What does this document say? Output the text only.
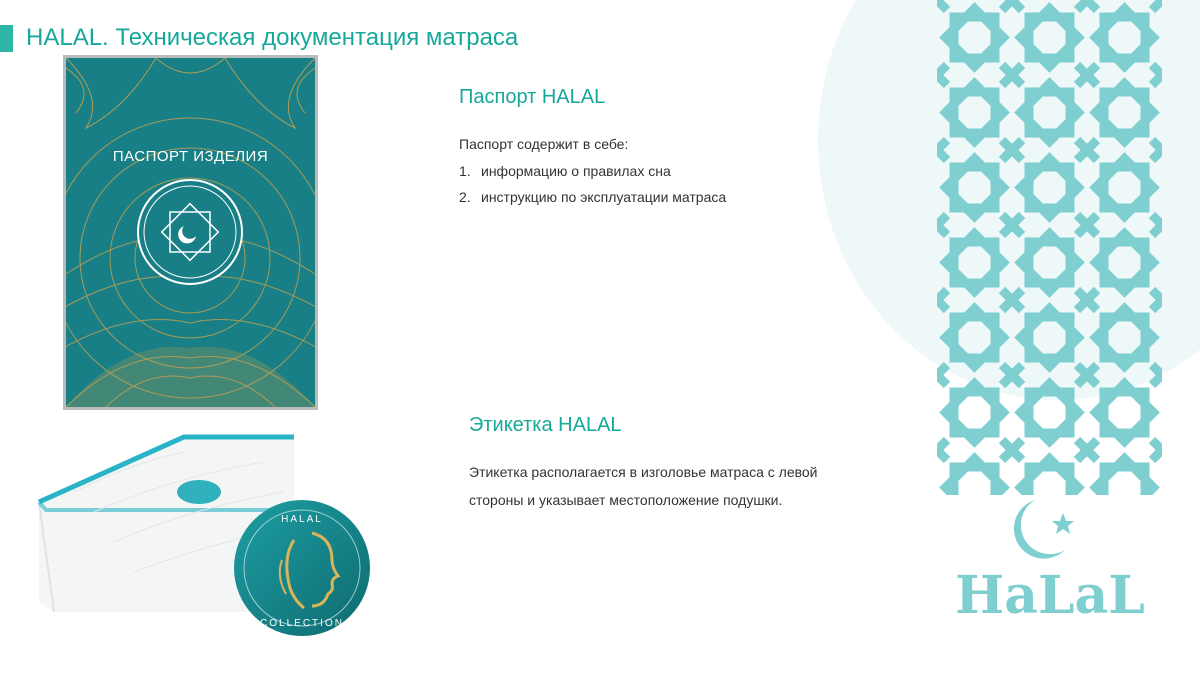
HALAL. Техническая документация матраса
ПАСПОРТ ИЗДЕЛИЯ
Паспорт HALAL
Паспорт содержит в себе:
1. информацию о правилах сна
2. инструкцию по эксплуатации матраса
HALAL
COLLECTION
Этикетка HALAL
Этикетка располагается в изголовье матраса с левой стороны и указывает местоположение подушки.
HaLaL
